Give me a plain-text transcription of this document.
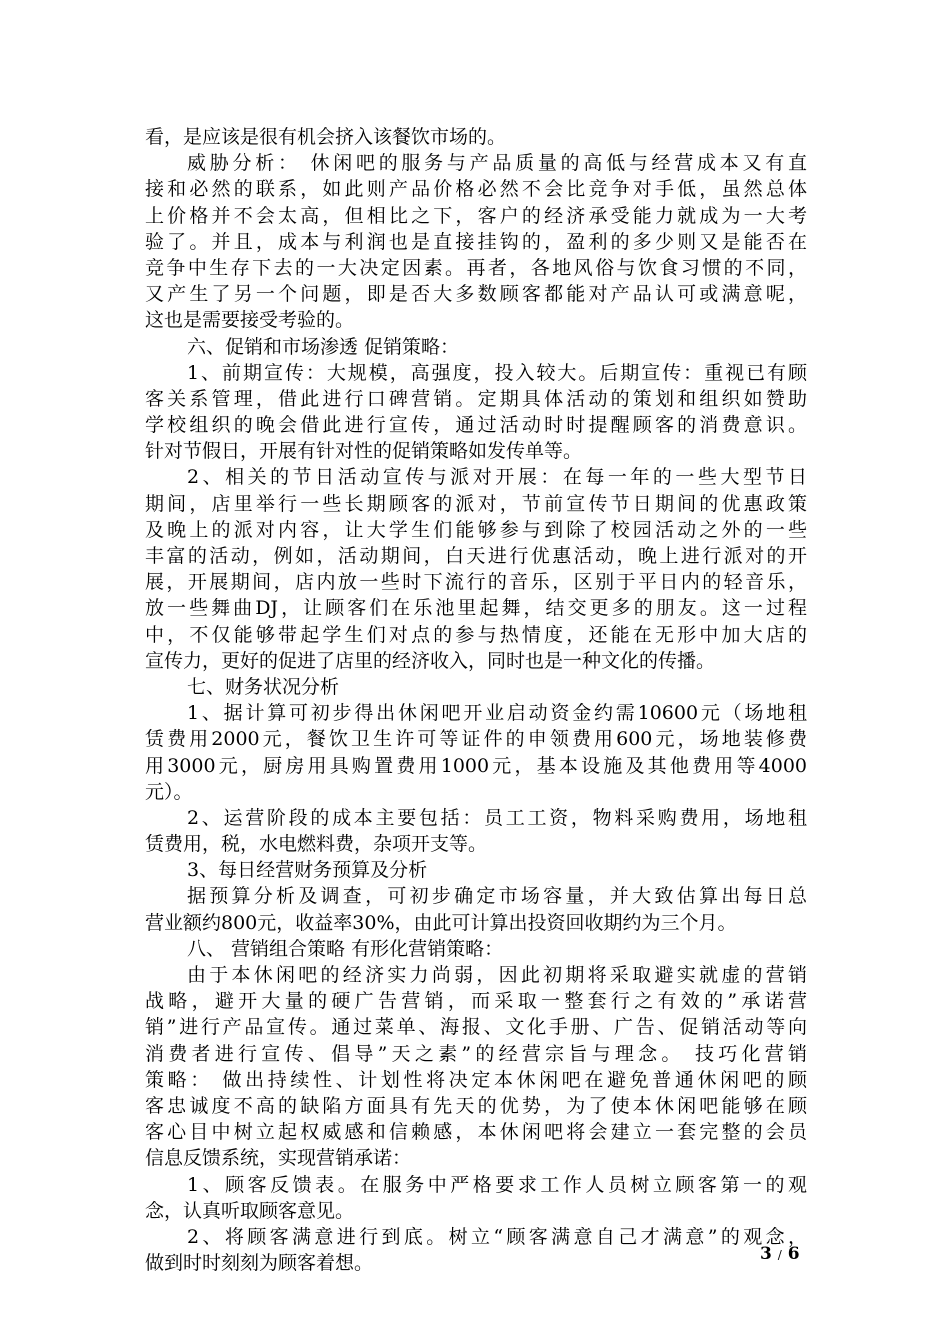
看，是应该是很有机会挤入该餐饮市场的。
威胁分析： 休闲吧的服务与产品质量的高低与经营成本又有直
接和必然的联系，如此则产品价格必然不会比竞争对手低，虽然总体
上价格并不会太高，但相比之下，客户的经济承受能力就成为一大考
验了。并且，成本与利润也是直接挂钩的，盈利的多少则又是能否在
竞争中生存下去的一大决定因素。再者，各地风俗与饮食习惯的不同，
又产生了另一个问题，即是否大多数顾客都能对产品认可或满意呢，
这也是需要接受考验的。
六、促销和市场渗透 促销策略：
1、前期宣传：大规模，高强度，投入较大。后期宣传：重视已有顾
客关系管理，借此进行口碑营销。定期具体活动的策划和组织如赞助
学校组织的晚会借此进行宣传，通过活动时时提醒顾客的消费意识。
针对节假日，开展有针对性的促销策略如发传单等。
2、相关的节日活动宣传与派对开展：在每一年的一些大型节日
期间，店里举行一些长期顾客的派对，节前宣传节日期间的优惠政策
及晚上的派对内容，让大学生们能够参与到除了校园活动之外的一些
丰富的活动，例如，活动期间，白天进行优惠活动，晚上进行派对的开
展，开展期间，店内放一些时下流行的音乐，区别于平日内的轻音乐，
放一些舞曲DJ，让顾客们在乐池里起舞，结交更多的朋友。这一过程
中，不仅能够带起学生们对点的参与热情度，还能在无形中加大店的
宣传力，更好的促进了店里的经济收入，同时也是一种文化的传播。
七、财务状况分析
1、据计算可初步得出休闲吧开业启动资金约需10600元（场地租
赁费用2000元，餐饮卫生许可等证件的申领费用600元，场地装修费
用3000元，厨房用具购置费用1000元，基本设施及其他费用等4000
元）。
2、运营阶段的成本主要包括：员工工资，物料采购费用，场地租
赁费用，税，水电燃料费，杂项开支等。
3、每日经营财务预算及分析
据预算分析及调查，可初步确定市场容量，并大致估算出每日总
营业额约800元，收益率30%，由此可计算出投资回收期约为三个月。
八、 营销组合策略 有形化营销策略：
由于本休闲吧的经济实力尚弱，因此初期将采取避实就虚的营销
战略，避开大量的硬广告营销，而采取一整套行之有效的”承诺营
销”进行产品宣传。通过菜单、海报、文化手册、广告、促销活动等向
消费者进行宣传、倡导”天之素”的经营宗旨与理念。 技巧化营销
策略： 做出持续性、计划性将决定本休闲吧在避免普通休闲吧的顾
客忠诚度不高的缺陷方面具有先天的优势，为了使本休闲吧能够在顾
客心目中树立起权威感和信赖感，本休闲吧将会建立一套完整的会员
信息反馈系统，实现营销承诺：
1、顾客反馈表。在服务中严格要求工作人员树立顾客第一的观
念，认真听取顾客意见。
2、将顾客满意进行到底。树立“顾客满意自己才满意”的观念，
做到时时刻刻为顾客着想。	3 / 6
